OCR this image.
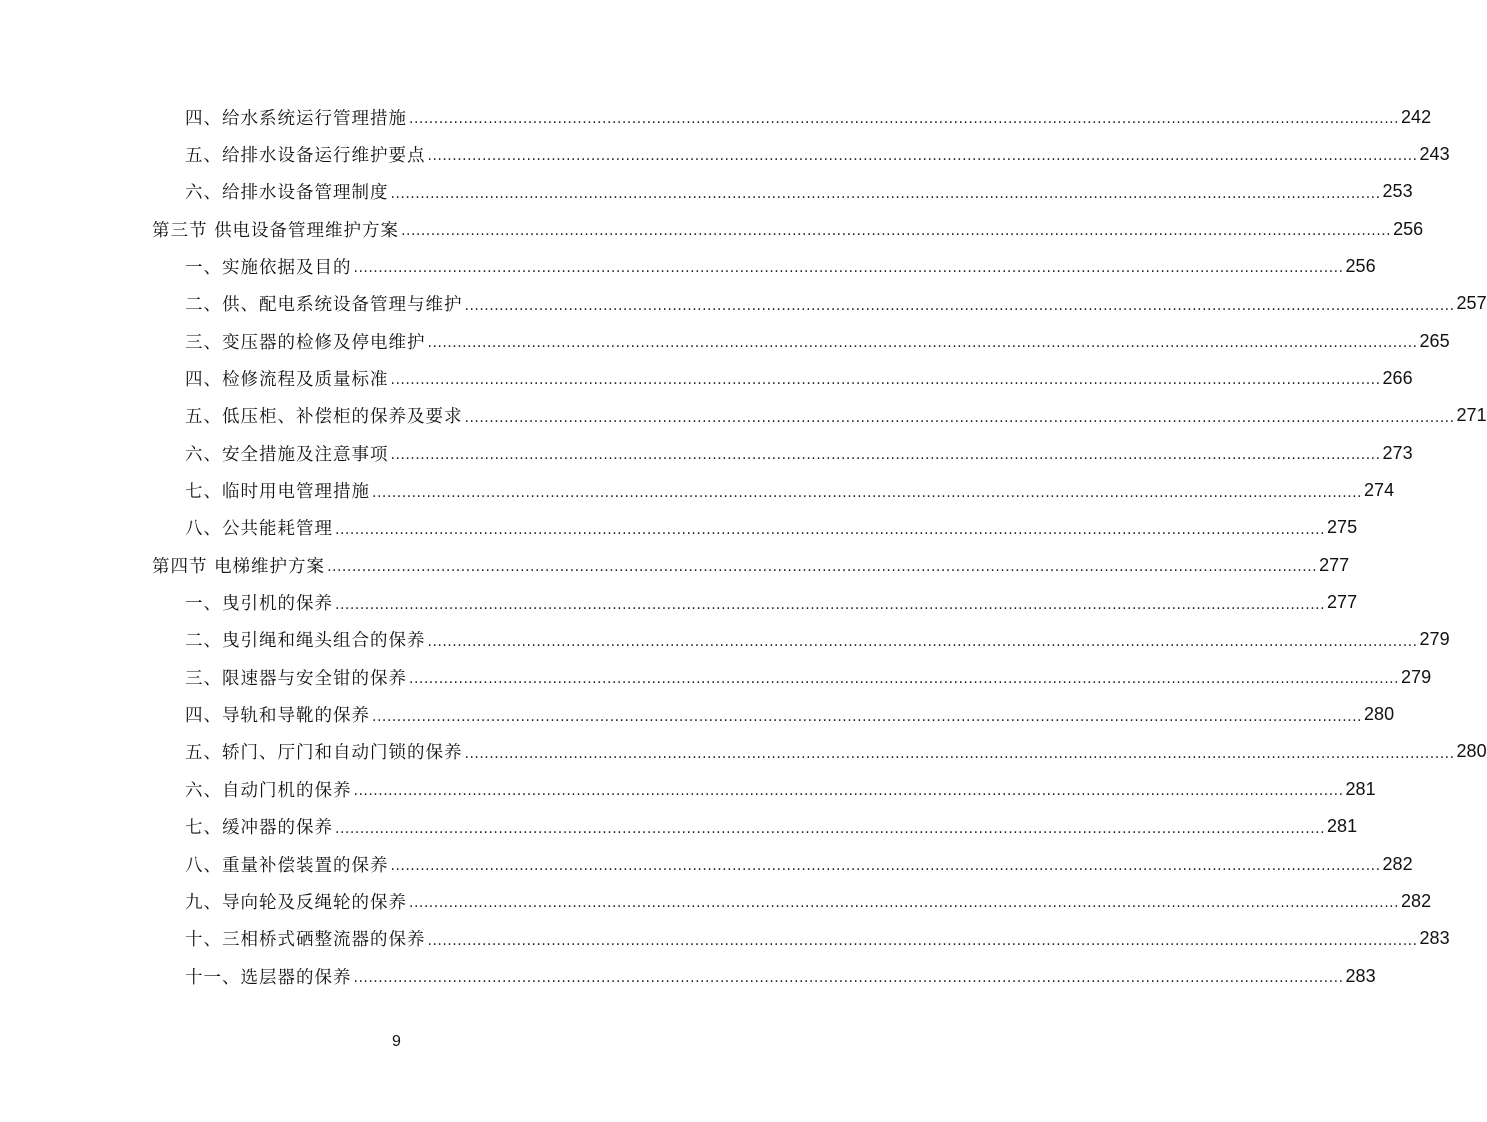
四、给水系统运行管理措施 ........................................................................................................................................................................................................ 242
五、给排水设备运行维护要点 ........................................................................................................................................................................................................ 243
六、给排水设备管理制度 ........................................................................................................................................................................................................ 253
第三节 供电设备管理维护方案 ........................................................................................................................................................................................................ 256
一、实施依据及目的 ........................................................................................................................................................................................................ 256
二、供、配电系统设备管理与维护 ........................................................................................................................................................................................................ 257
三、变压器的检修及停电维护 ........................................................................................................................................................................................................ 265
四、检修流程及质量标准 ........................................................................................................................................................................................................ 266
五、低压柜、补偿柜的保养及要求 ........................................................................................................................................................................................................ 271
六、安全措施及注意事项 ........................................................................................................................................................................................................ 273
七、临时用电管理措施 ........................................................................................................................................................................................................ 274
八、公共能耗管理 ........................................................................................................................................................................................................ 275
第四节 电梯维护方案 ........................................................................................................................................................................................................ 277
一、曳引机的保养 ........................................................................................................................................................................................................ 277
二、曳引绳和绳头组合的保养 ........................................................................................................................................................................................................ 279
三、限速器与安全钳的保养 ........................................................................................................................................................................................................ 279
四、导轨和导靴的保养 ........................................................................................................................................................................................................ 280
五、轿门、厅门和自动门锁的保养 ........................................................................................................................................................................................................ 280
六、自动门机的保养 ........................................................................................................................................................................................................ 281
七、缓冲器的保养 ........................................................................................................................................................................................................ 281
八、重量补偿装置的保养 ........................................................................................................................................................................................................ 282
九、导向轮及反绳轮的保养 ........................................................................................................................................................................................................ 282
十、三相桥式硒整流器的保养 ........................................................................................................................................................................................................ 283
十一、选层器的保养 ........................................................................................................................................................................................................ 283
9
